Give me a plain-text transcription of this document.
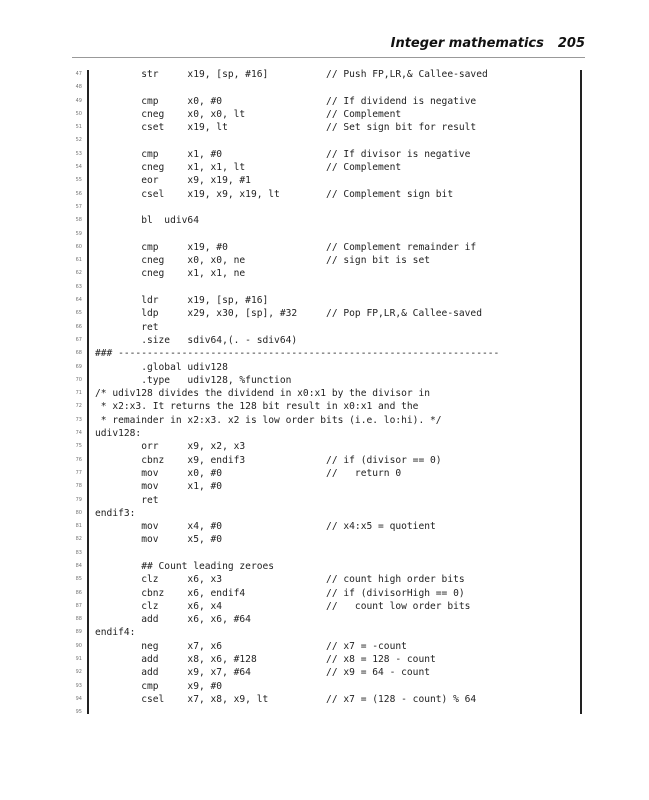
Integer mathematics 205
47 str     x19, [sp, #16]          // Push FP,LR,& Callee-saved
48
49 cmp     x0, #0                  // If dividend is negative
50 cneg    x0, x0, lt              // Complement
51 cset    x19, lt                 // Set sign bit for result
52
53 cmp     x1, #0                  // If divisor is negative
54 cneg    x1, x1, lt              // Complement
55 eor     x9, x19, #1
56 csel    x19, x9, x19, lt        // Complement sign bit
57
58 bl  udiv64
59
60 cmp     x19, #0                 // Complement remainder if
61 cneg    x0, x0, ne              // sign bit is set
62 cneg    x1, x1, ne
63
64 ldr     x19, [sp, #16]
65 ldp     x29, x30, [sp], #32     // Pop FP,LR,& Callee-saved
66 ret
67 .size   sdiv64,(. - sdiv64)
68 ### ------------------------------------------------------------------
69 .global udiv128
70 .type   udiv128, %function
71 /* udiv128 divides the dividend in x0:x1 by the divisor in
72 * x2:x3. It returns the 128 bit result in x0:x1 and the
73 * remainder in x2:x3. x2 is low order bits (i.e. lo:hi). */
74 udiv128:
75 orr     x9, x2, x3
76 cbnz    x9, endif3              // if (divisor == 0)
77 mov     x0, #0                  //   return 0
78 mov     x1, #0
79 ret
80 endif3:
81 mov     x4, #0                  // x4:x5 = quotient
82 mov     x5, #0
83
84 ## Count leading zeroes
85 clz     x6, x3                  // count high order bits
86 cbnz    x6, endif4              // if (divisorHigh == 0)
87 clz     x6, x4                  //   count low order bits
88 add     x6, x6, #64
89 endif4:
90 neg     x7, x6                  // x7 = -count
91 add     x8, x6, #128            // x8 = 128 - count
92 add     x9, x7, #64             // x9 = 64 - count
93 cmp     x9, #0
94 csel    x7, x8, x9, lt          // x7 = (128 - count) % 64
95
